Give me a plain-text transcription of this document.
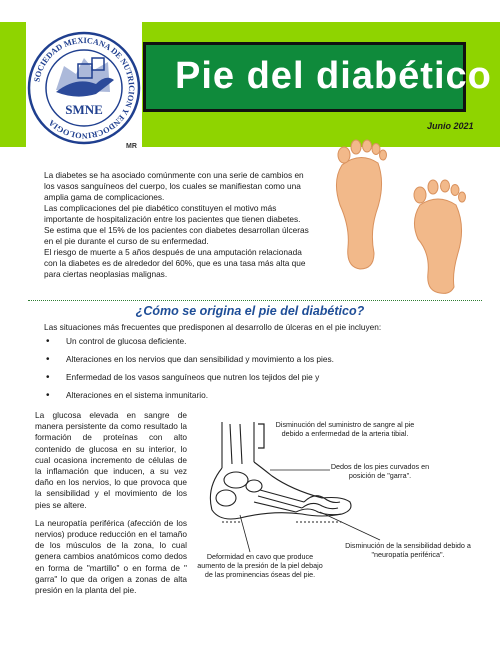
Pie del diabético
SOCIEDAD MEXICANA DE NUTRICION Y ENDOCRINOLOGIA
SMNE
MR
Junio 2021

La diabetes se ha asociado comúnmente con una serie de cambios en los vasos sanguíneos del cuerpo, los cuales se manifiestan como una amplia gama de complicaciones.

Las complicaciones del pie diabético constituyen el motivo más importante de hospitalización entre los pacientes que tienen diabetes.

Se estima que el 15% de los pacientes con diabetes desarrollan úlceras en el pie durante el curso de su enfermedad.

El riesgo de muerte a 5 años después de una amputación relacionada con la diabetes es de alrededor del 60%, que es una tasa más alta que para ciertas neoplasias malignas.

¿Cómo se origina el pie del diabético?
Las situaciones más frecuentes que predisponen al desarrollo de úlceras en el pie incluyen:
• Un control de glucosa deficiente.
• Alteraciones en los nervios que dan sensibilidad y movimiento a los pies.
• Enfermedad de los vasos sanguíneos que nutren los tejidos del pie y
• Alteraciones en el sistema inmunitario.

La glucosa elevada en sangre de manera persistente da como resultado la formación de proteínas con alto contenido de glucosa en su interior, lo cual ocasiona incremento de células de la inflamación que inducen, a su vez daño en los nervios, lo que provoca que la sensibilidad y el movimiento de los pies se altere.

La neuropatía periférica (afección de los nervios) produce reducción en el tamaño de los músculos de la zona, lo cual genera cambios anatómicos como dedos en forma de "martillo" o en forma de " garra" lo que da origen a zonas de alta presión en la planta del pie.

Disminución del suministro de sangre al pie debido a enfermedad de la arteria tibial.
Dedos de los pies curvados en posición de "garra".
Disminución de la sensibilidad debido a "neuropatía periférica".
Deformidad en cavo que produce aumento de la presión de la piel debajo de las prominencias óseas del pie.
